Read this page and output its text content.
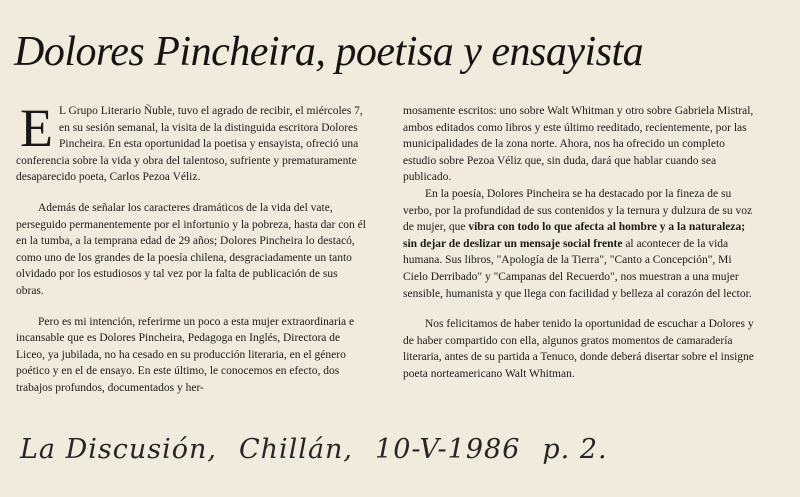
Dolores Pincheira, poetisa y ensayista

E L Grupo Literario Ñuble, tuvo el agrado de recibir, el miércoles 7, en su sesión semanal, la visita de la distinguida escritora Dolores Pincheira. En esta oportunidad la poetisa y ensayista, ofreció una conferencia sobre la vida y obra del talentoso, sufriente y prematuramente desaparecido poeta, Carlos Pezoa Véliz.

Además de señalar los caracteres dramáticos de la vida del vate, perseguido permanentemente por el infortunio y la pobreza, hasta dar con él en la tumba, a la temprana edad de 29 años; Dolores Pincheira lo destacó, como uno de los grandes de la poesía chilena, desgraciadamente un tanto olvidado por los estudiosos y tal vez por la falta de publicación de sus obras.

Pero es mi intención, referirme un poco a esta mujer extraordinaria e incansable que es Dolores Pincheira, Pedagoga en Inglés, Directora de Liceo, ya jubilada, no ha cesado en su producción literaria, en el género poético y en el de ensayo. En este último, le conocemos en efecto, dos trabajos profundos, documentados y her-

mosamente escritos: uno sobre Walt Whitman y otro sobre Gabriela Mistral, ambos editados como libros y este último reeditado, recientemente, por las municipalidades de la zona norte. Ahora, nos ha ofrecido un completo estudio sobre Pezoa Véliz que, sin duda, dará que hablar cuando sea publicado.

En la poesía, Dolores Pincheira se ha destacado por la fineza de su verbo, por la profundidad de sus contenidos y la ternura y dulzura de su voz de mujer, que vibra con todo lo que afecta al hombre y a la naturaleza; sin dejar de deslizar un mensaje social frente al acontecer de la vida humana. Sus libros, "Apología de la Tierra", "Canto a Concepción", Mi Cielo Derribado" y "Campanas del Recuerdo", nos muestran a una mujer sensible, humanista y que llega con facilidad y belleza al corazón del lector.

Nos felicitamos de haber tenido la oportunidad de escuchar a Dolores y de haber compartido con ella, algunos gratos momentos de camaradería literaria, antes de su partida a Tenuco, donde deberá disertar sobre el insigne poeta norteamericano Walt Whitman.

La Discusión, Chillán, 10-V-1986 p. 2.
